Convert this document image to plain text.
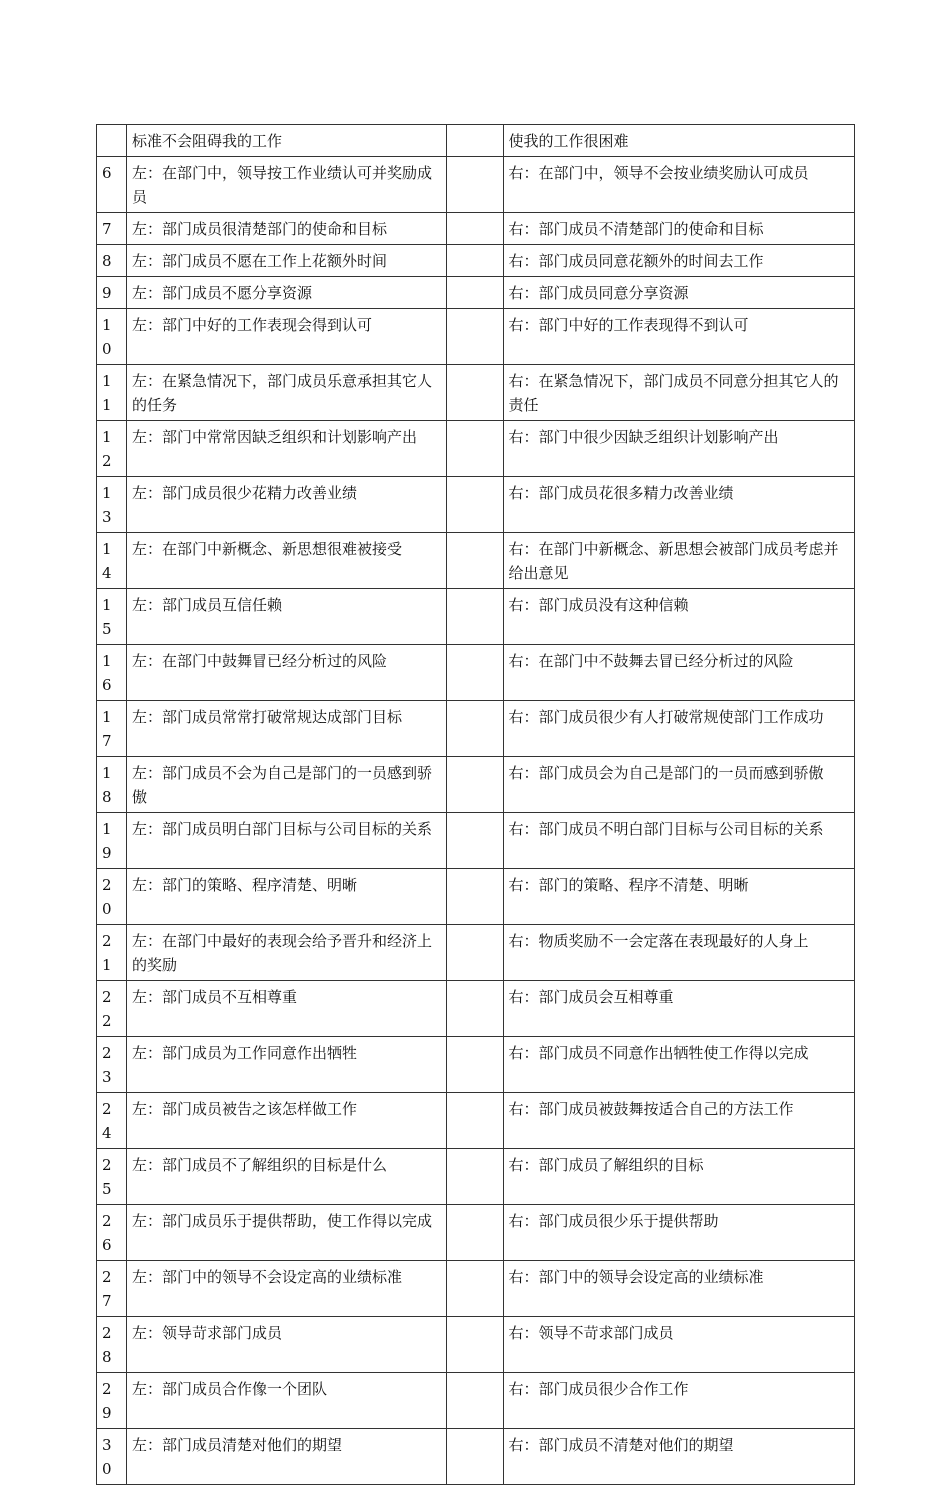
	标准不会阻碍我的工作		使我的工作很困难
6	左：在部门中，领导按工作业绩认可并奖励成员		右：在部门中，领导不会按业绩奖励认可成员
7	左：部门成员很清楚部门的使命和目标		右：部门成员不清楚部门的使命和目标
8	左：部门成员不愿在工作上花额外时间		右：部门成员同意花额外的时间去工作
9	左：部门成员不愿分享资源		右：部门成员同意分享资源
10	左：部门中好的工作表现会得到认可		右：部门中好的工作表现得不到认可
11	左：在紧急情况下，部门成员乐意承担其它人的任务		右：在紧急情况下，部门成员不同意分担其它人的责任
12	左：部门中常常因缺乏组织和计划影响产出		右：部门中很少因缺乏组织计划影响产出
13	左：部门成员很少花精力改善业绩		右：部门成员花很多精力改善业绩
14	左：在部门中新概念、新思想很难被接受		右：在部门中新概念、新思想会被部门成员考虑并给出意见
15	左：部门成员互信任赖		右：部门成员没有这种信赖
16	左：在部门中鼓舞冒已经分析过的风险		右：在部门中不鼓舞去冒已经分析过的风险
17	左：部门成员常常打破常规达成部门目标		右：部门成员很少有人打破常规使部门工作成功
18	左：部门成员不会为自己是部门的一员感到骄傲		右：部门成员会为自己是部门的一员而感到骄傲
19	左：部门成员明白部门目标与公司目标的关系		右：部门成员不明白部门目标与公司目标的关系
20	左：部门的策略、程序清楚、明晰		右：部门的策略、程序不清楚、明晰
21	左：在部门中最好的表现会给予晋升和经济上的奖励		右：物质奖励不一会定落在表现最好的人身上
22	左：部门成员不互相尊重		右：部门成员会互相尊重
23	左：部门成员为工作同意作出牺牲		右：部门成员不同意作出牺牲使工作得以完成
24	左：部门成员被告之该怎样做工作		右：部门成员被鼓舞按适合自己的方法工作
25	左：部门成员不了解组织的目标是什么		右：部门成员了解组织的目标
26	左：部门成员乐于提供帮助，使工作得以完成		右：部门成员很少乐于提供帮助
27	左：部门中的领导不会设定高的业绩标准		右：部门中的领导会设定高的业绩标准
28	左：领导苛求部门成员		右：领导不苛求部门成员
29	左：部门成员合作像一个团队		右：部门成员很少合作工作
30	左：部门成员清楚对他们的期望		右：部门成员不清楚对他们的期望
